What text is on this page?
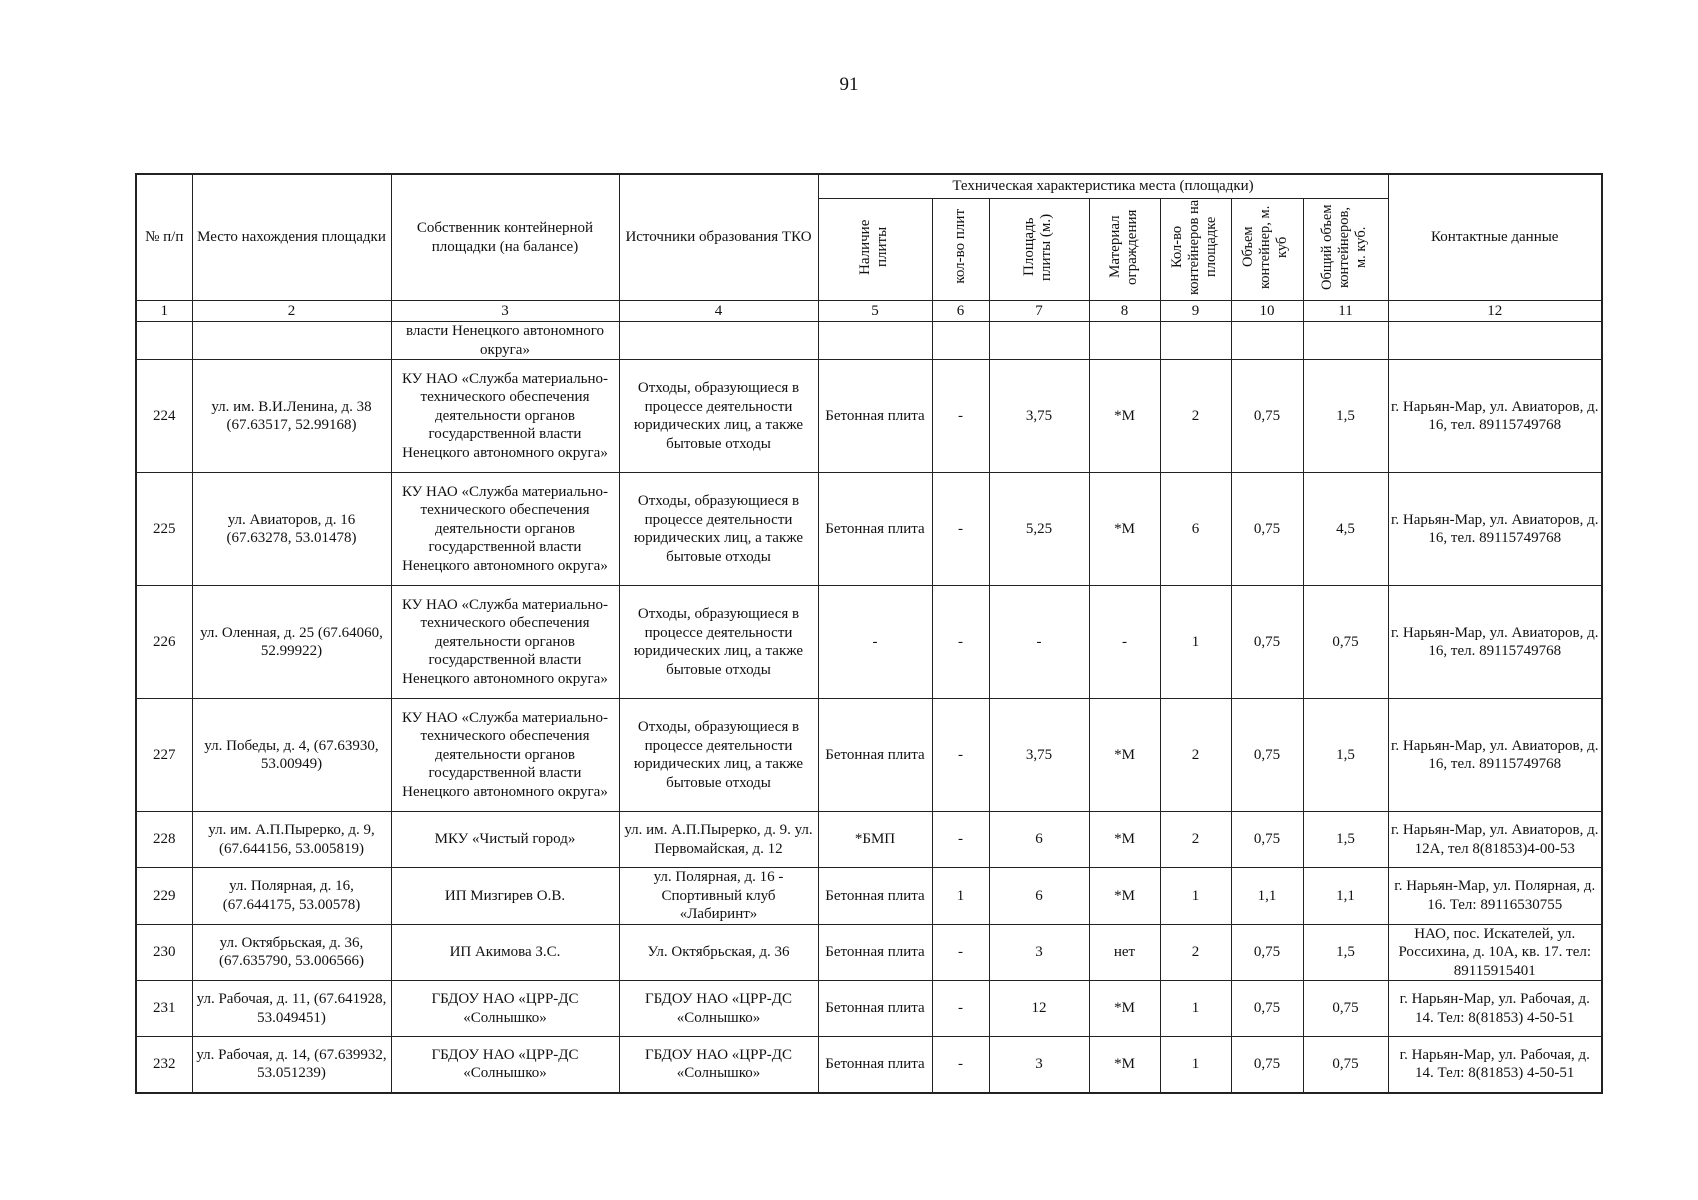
91
№ п/п	Место нахождения площадки	Собственник контейнерной площадки (на балансе)	Источники образования ТКО	Техническая характеристика места (площадки)							Контактные данные
				Наличие плиты	кол-во плит	Площадь плиты (м.)	Материал ограждения	Кол-во контейнеров на площадке	Объем контейнер, м. куб	Общий объем контейнеров, м. куб.	
1	2	3	4	5	6	7	8	9	10	11	12
		власти Ненецкого автономного округа»									
224	ул. им. В.И.Ленина, д. 38 (67.63517, 52.99168)	КУ НАО «Служба материально-технического обеспечения деятельности органов государственной власти Ненецкого автономного округа»	Отходы, образующиеся в процессе деятельности юридических лиц, а также бытовые отходы	Бетонная плита	-	3,75	*М	2	0,75	1,5	г. Нарьян-Мар, ул. Авиаторов, д. 16, тел. 89115749768
225	ул. Авиаторов, д. 16 (67.63278, 53.01478)	КУ НАО «Служба материально-технического обеспечения деятельности органов государственной власти Ненецкого автономного округа»	Отходы, образующиеся в процессе деятельности юридических лиц, а также бытовые отходы	Бетонная плита	-	5,25	*М	6	0,75	4,5	г. Нарьян-Мар, ул. Авиаторов, д. 16, тел. 89115749768
226	ул. Оленная, д. 25 (67.64060, 52.99922)	КУ НАО «Служба материально-технического обеспечения деятельности органов государственной власти Ненецкого автономного округа»	Отходы, образующиеся в процессе деятельности юридических лиц, а также бытовые отходы	-	-	-	-	1	0,75	0,75	г. Нарьян-Мар, ул. Авиаторов, д. 16, тел. 89115749768
227	ул. Победы, д. 4, (67.63930, 53.00949)	КУ НАО «Служба материально-технического обеспечения деятельности органов государственной власти Ненецкого автономного округа»	Отходы, образующиеся в процессе деятельности юридических лиц, а также бытовые отходы	Бетонная плита	-	3,75	*М	2	0,75	1,5	г. Нарьян-Мар, ул. Авиаторов, д. 16, тел. 89115749768
228	ул. им. А.П.Пырерко, д. 9, (67.644156, 53.005819)	МКУ «Чистый город»	ул. им. А.П.Пырерко, д. 9. ул. Первомайская, д. 12	*БМП	-	6	*М	2	0,75	1,5	г. Нарьян-Мар, ул. Авиаторов, д. 12А, тел 8(81853)4-00-53
229	ул. Полярная, д. 16, (67.644175, 53.00578)	ИП Мизгирев О.В.	ул. Полярная, д. 16 - Спортивный клуб «Лабиринт»	Бетонная плита	1	6	*М	1	1,1	1,1	г. Нарьян-Мар, ул. Полярная, д. 16. Тел: 89116530755
230	ул. Октябрьская, д. 36, (67.635790, 53.006566)	ИП Акимова З.С.	Ул. Октябрьская, д. 36	Бетонная плита	-	3	нет	2	0,75	1,5	НАО, пос. Искателей, ул. Россихина, д. 10А, кв. 17. тел: 89115915401
231	ул. Рабочая, д. 11, (67.641928, 53.049451)	ГБДОУ НАО «ЦРР-ДС «Солнышко»	ГБДОУ НАО «ЦРР-ДС «Солнышко»	Бетонная плита	-	12	*М	1	0,75	0,75	г. Нарьян-Мар, ул. Рабочая, д. 14. Тел: 8(81853) 4-50-51
232	ул. Рабочая, д. 14, (67.639932, 53.051239)	ГБДОУ НАО «ЦРР-ДС «Солнышко»	ГБДОУ НАО «ЦРР-ДС «Солнышко»	Бетонная плита	-	3	*М	1	0,75	0,75	г. Нарьян-Мар, ул. Рабочая, д. 14. Тел: 8(81853) 4-50-51
